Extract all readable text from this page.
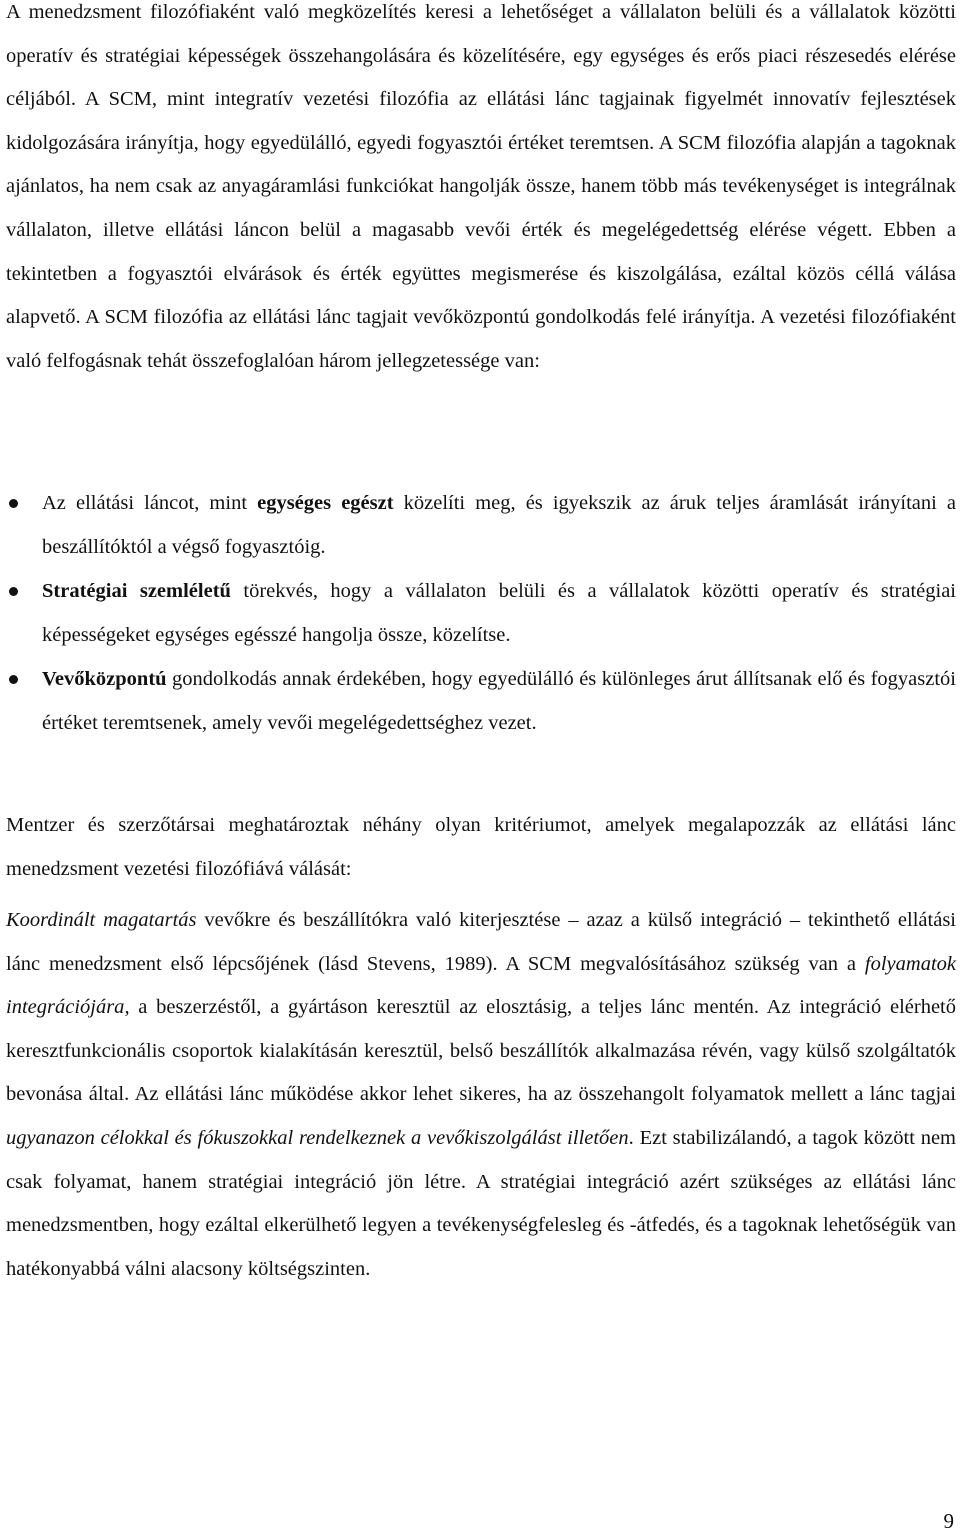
A menedzsment filozófiaként való megközelítés keresi a lehetőséget a vállalaton belüli és a vállalatok közötti operatív és stratégiai képességek összehangolására és közelítésére, egy egységes és erős piaci részesedés elérése céljából. A SCM, mint integratív vezetési filozófia az ellátási lánc tagjainak figyelmét innovatív fejlesztések kidolgozására irányítja, hogy egyedülálló, egyedi fogyasztói értéket teremtsen. A SCM filozófia alapján a tagoknak ajánlatos, ha nem csak az anyagáramlási funkciókat hangolják össze, hanem több más tevékenységet is integrálnak vállalaton, illetve ellátási láncon belül a magasabb vevői érték és megelégedettség elérése végett. Ebben a tekintetben a fogyasztói elvárások és érték együttes megismerése és kiszolgálása, ezáltal közös céllá válása alapvető. A SCM filozófia az ellátási lánc tagjait vevőközpontú gondolkodás felé irányítja. A vezetési filozófiaként való felfogásnak tehát összefoglalóan három jellegzetessége van:

Az ellátási láncot, mint egységes egészt közelíti meg, és igyekszik az áruk teljes áramlását irányítani a beszállítóktól a végső fogyasztóig.
Stratégiai szemléletű törekvés, hogy a vállalaton belüli és a vállalatok közötti operatív és stratégiai képességeket egységes egésszé hangolja össze, közelítse.
Vevőközpontú gondolkodás annak érdekében, hogy egyedülálló és különleges árut állítsanak elő és fogyasztói értéket teremtsenek, amely vevői megelégedettséghez vezet.

Mentzer és szerzőtársai meghatároztak néhány olyan kritériumot, amelyek megalapozzák az ellátási lánc menedzsment vezetési filozófiává válását:

Koordinált magatartás vevőkre és beszállítókra való kiterjesztése – azaz a külső integráció – tekinthető ellátási lánc menedzsment első lépcsőjének (lásd Stevens, 1989). A SCM megvalósításához szükség van a folyamatok integrációjára, a beszerzéstől, a gyártáson keresztül az elosztásig, a teljes lánc mentén. Az integráció elérhető keresztfunkcionális csoportok kialakításán keresztül, belső beszállítók alkalmazása révén, vagy külső szolgáltatók bevonása által. Az ellátási lánc működése akkor lehet sikeres, ha az összehangolt folyamatok mellett a lánc tagjai ugyanazon célokkal és fókuszokkal rendelkeznek a vevőkiszolgálást illetően. Ezt stabilizálandó, a tagok között nem csak folyamat, hanem stratégiai integráció jön létre. A stratégiai integráció azért szükséges az ellátási lánc menedzsmentben, hogy ezáltal elkerülhető legyen a tevékenységfelesleg és -átfedés, és a tagoknak lehetőségük van hatékonyabbá válni alacsony költségszinten.

9
